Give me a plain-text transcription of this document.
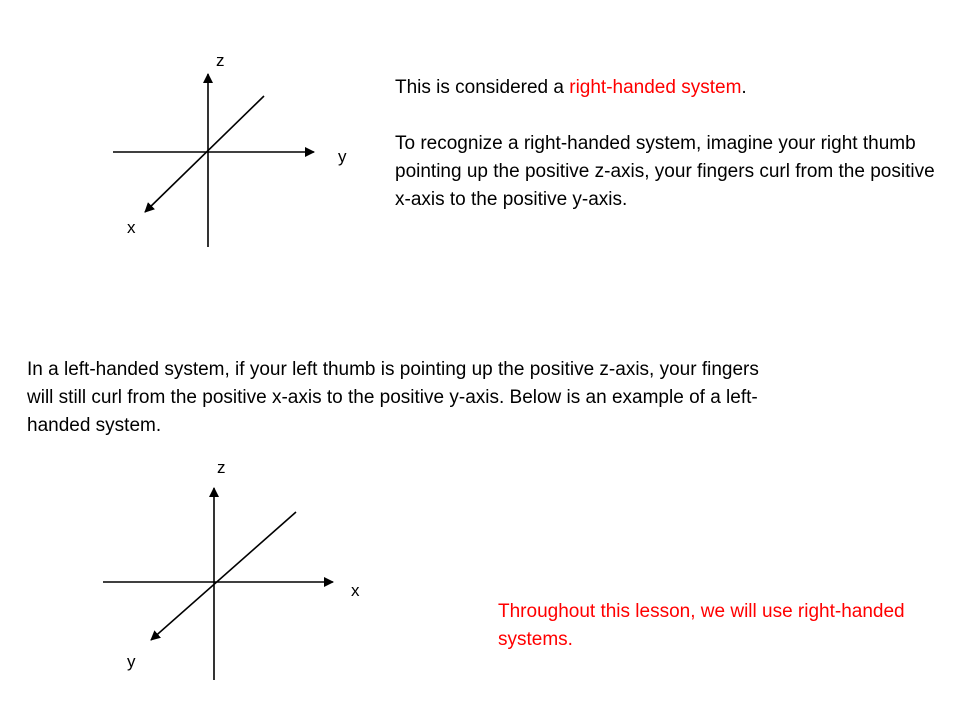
z
y
x
z
x
y

This is considered a right-handed system.

To recognize a right-handed system, imagine your right thumb pointing up the positive z-axis, your fingers curl from the positive x-axis to the positive y-axis.

In a left-handed system, if your left thumb is pointing up the positive z-axis, your fingers will still curl from the positive x-axis to the positive y-axis. Below is an example of a left-handed system.

Throughout this lesson, we will use right-handed systems.
